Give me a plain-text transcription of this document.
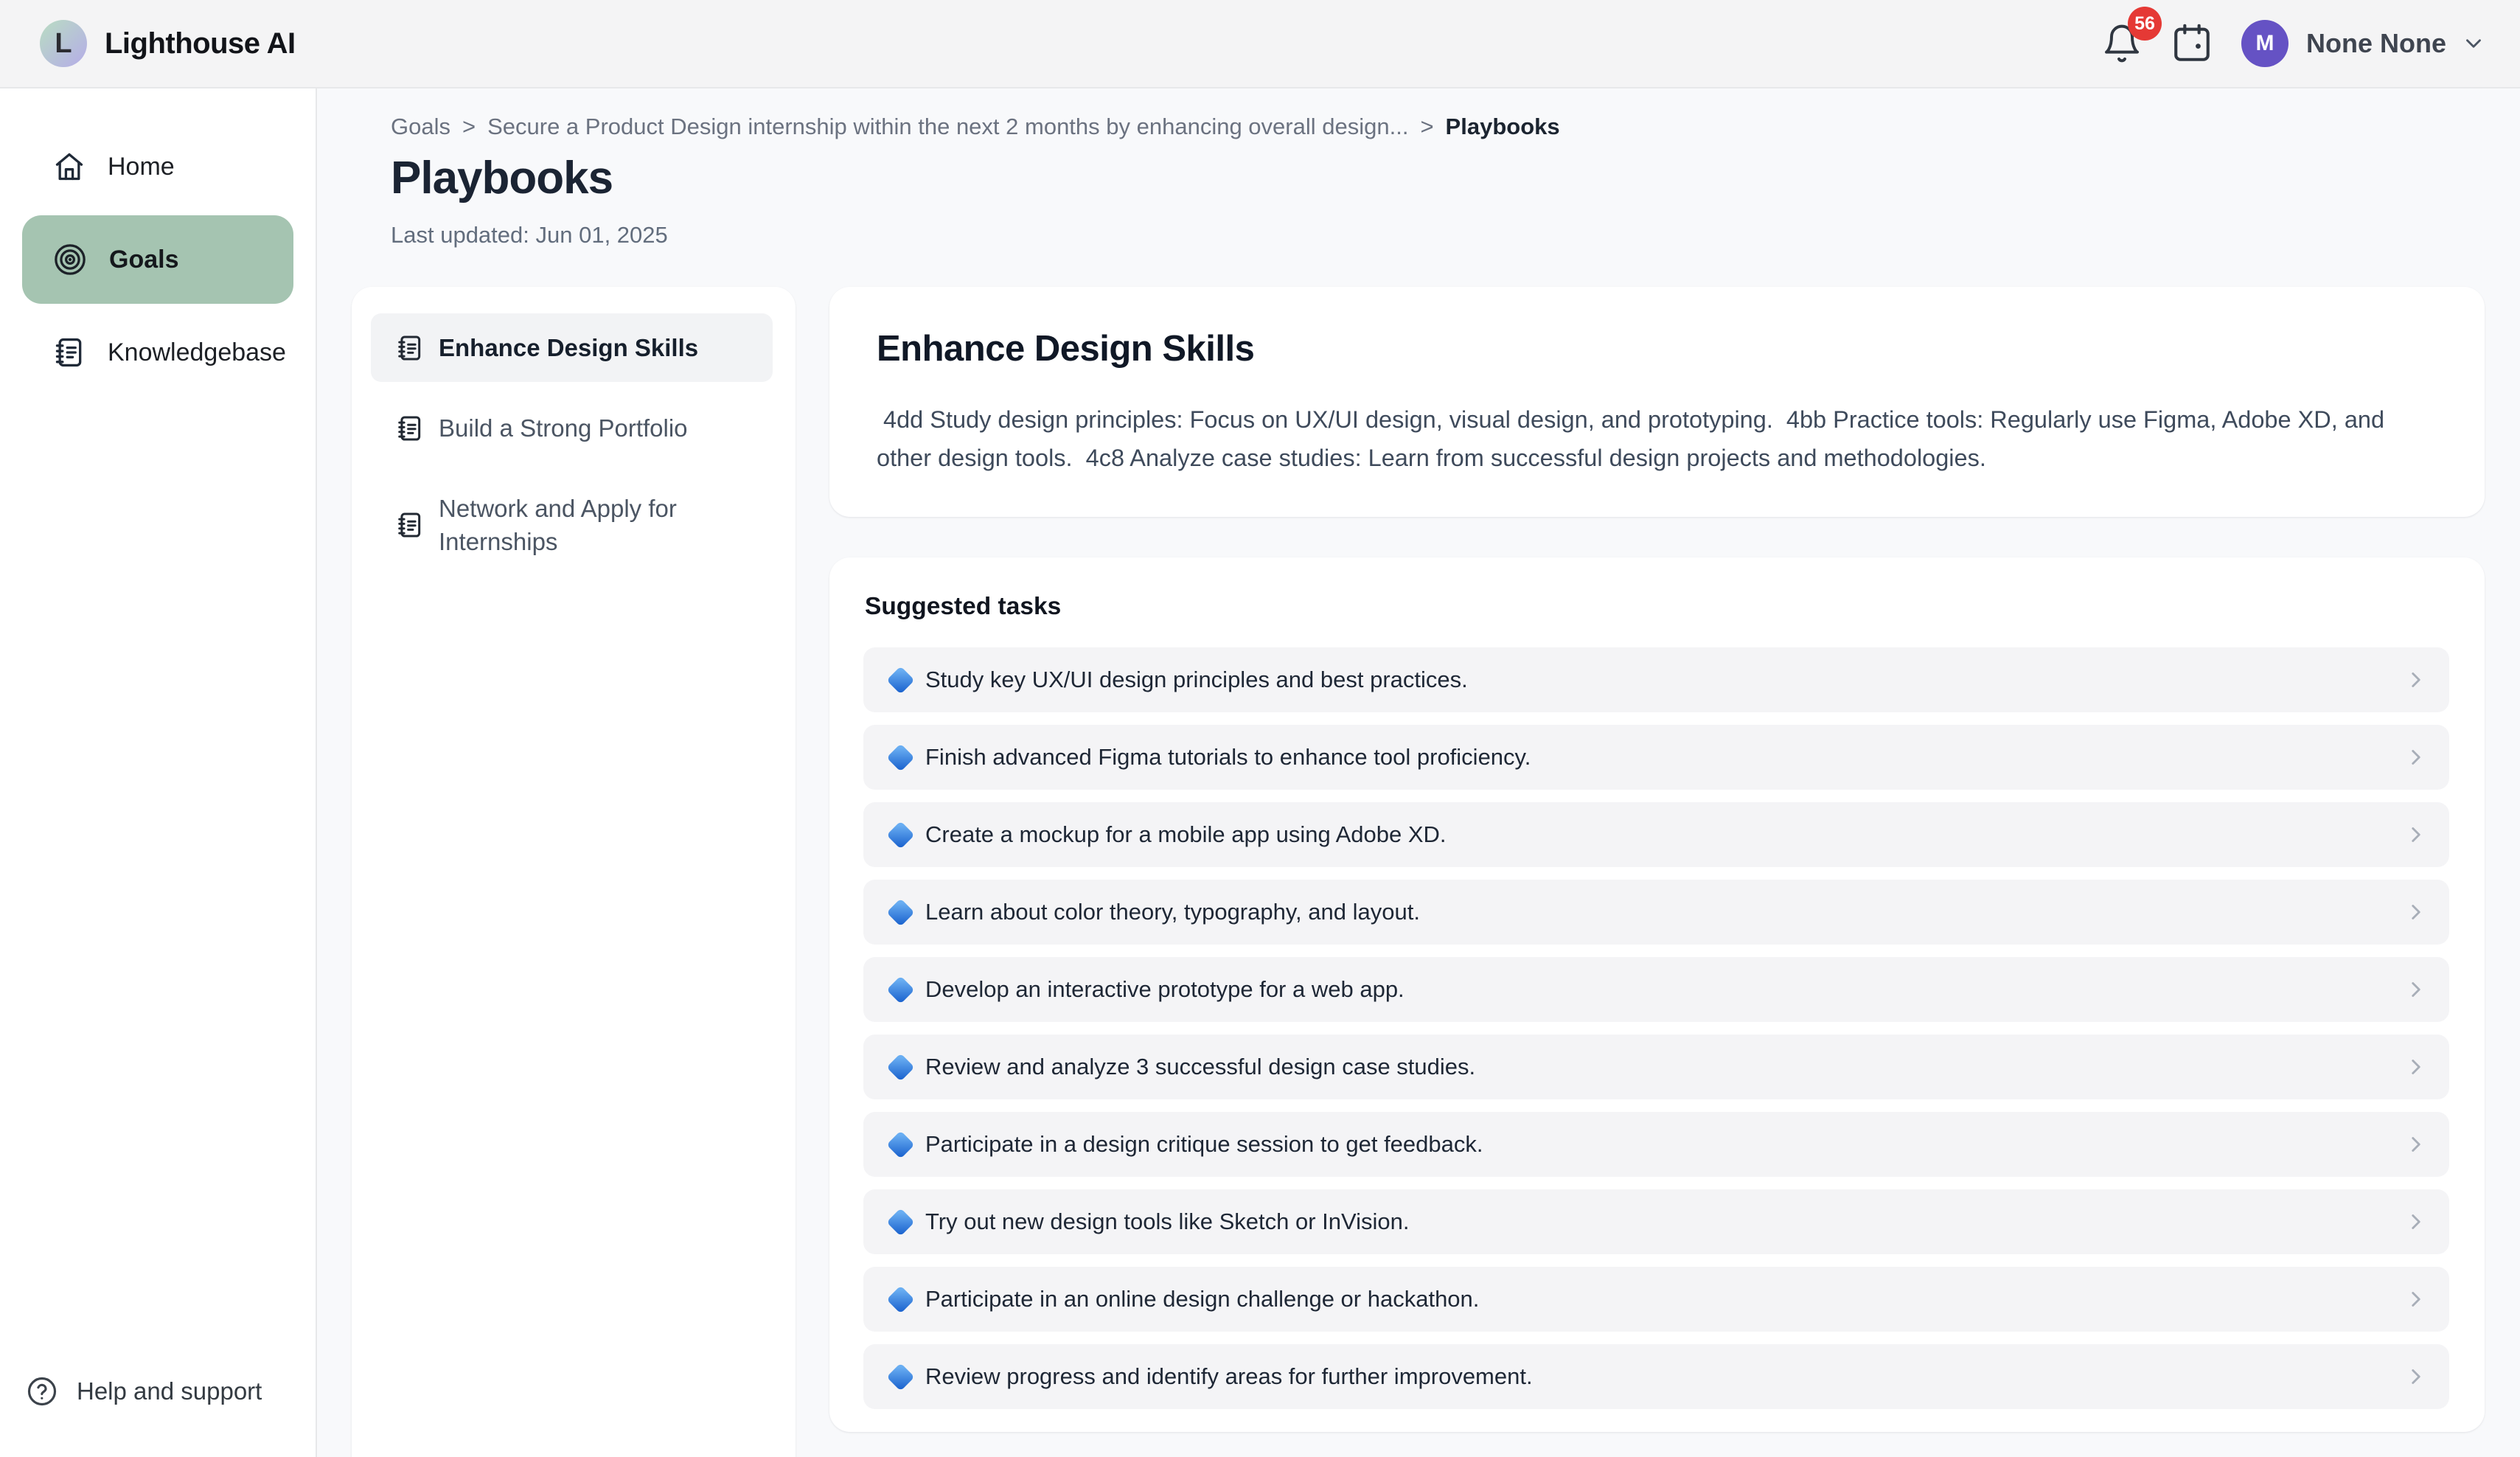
L Lighthouse AI
56
M	None None
Home
Goals
Knowledgebase
Help and support
Goals > Secure a Product Design internship within the next 2 months by enhancing overall design... > Playbooks
Playbooks
Last updated: Jun 01, 2025
Enhance Design Skills
Build a Strong Portfolio
Network and Apply for Internships
Enhance Design Skills

4dd Study design principles: Focus on UX/UI design, visual design, and prototyping.  4bb Practice tools: Regularly use Figma, Adobe XD, and other design tools.  4c8 Analyze case studies: Learn from successful design projects and methodologies.

Suggested tasks
Study key UX/UI design principles and best practices.
Finish advanced Figma tutorials to enhance tool proficiency.
Create a mockup for a mobile app using Adobe XD.
Learn about color theory, typography, and layout.
Develop an interactive prototype for a web app.
Review and analyze 3 successful design case studies.
Participate in a design critique session to get feedback.
Try out new design tools like Sketch or InVision.
Participate in an online design challenge or hackathon.
Review progress and identify areas for further improvement.
